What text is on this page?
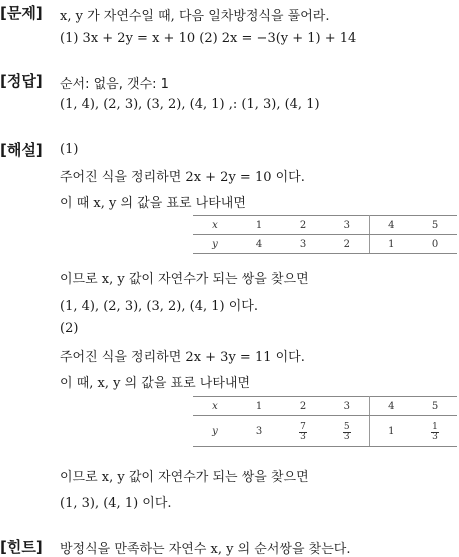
[문제] x, y 가 자연수일 때, 다음 일차방정식을 풀어라.
(1) 3x + 2y = x + 10 (2) 2x = −3(y + 1) + 14
[정답] 순서: 없음, 갯수: 1
(1, 4), (2, 3), (3, 2), (4, 1) ,: (1, 3), (4, 1)
[해설] (1)
주어진 식을 정리하면 2x + 2y = 10 이다.
이 때 x, y 의 값을 표로 나타내면
x	1	2	3	4	5
y	4	3	2	1	0
이므로 x, y 값이 자연수가 되는 쌍을 찾으면
(1, 4), (2, 3), (3, 2), (4, 1) 이다.
(2)
주어진 식을 정리하면 2x + 3y = 11 이다.
이 때, x, y 의 값을 표로 나타내면
x	1	2	3	4	5
y	3	$\frac{7}{3}$	$\frac{5}{3}$	1	$\frac{1}{3}$
이므로 x, y 값이 자연수가 되는 쌍을 찾으면
(1, 3), (4, 1) 이다.
[힌트] 방정식을 만족하는 자연수 x, y 의 순서쌍을 찾는다.
